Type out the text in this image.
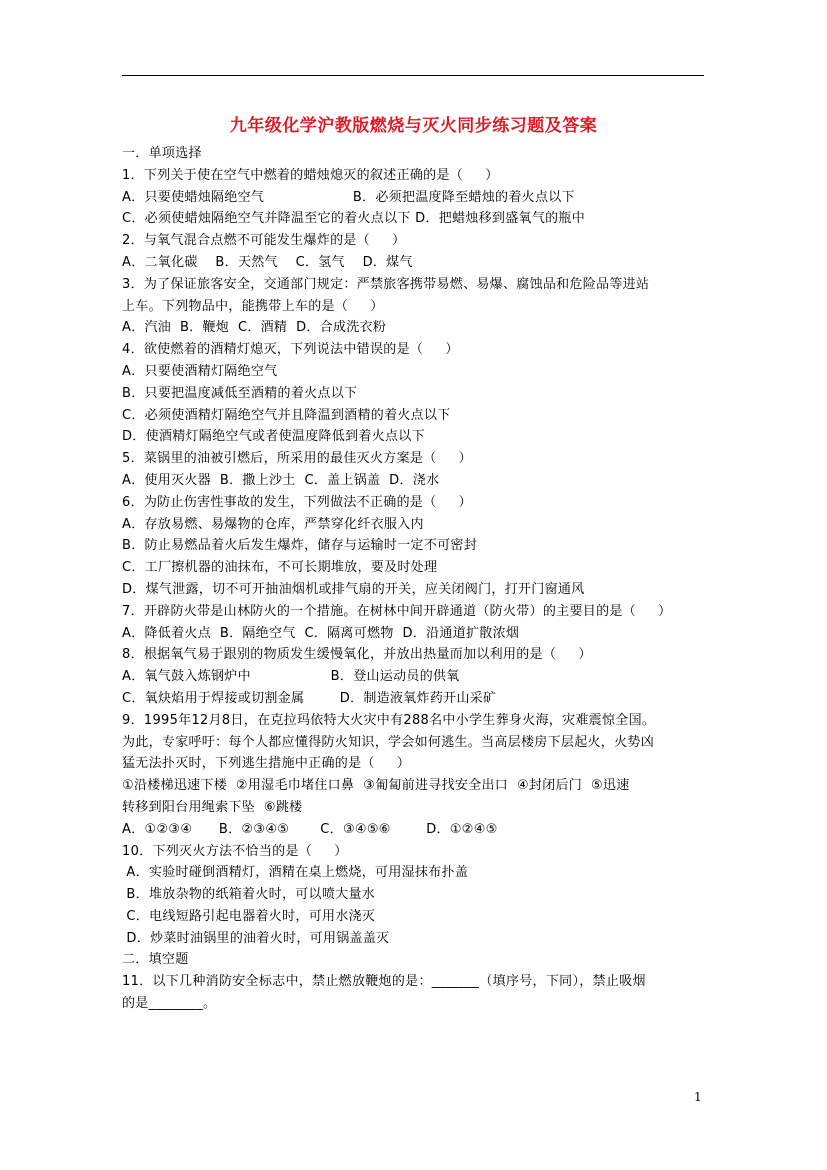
九年级化学沪教版燃烧与灭火同步练习题及答案
一．单项选择
1．下列关于使在空气中燃着的蜡烛熄灭的叙述正确的是（     ）
A．只要使蜡烛隔绝空气                    B．必须把温度降至蜡烛的着火点以下
C．必须使蜡烛隔绝空气并降温至它的着火点以下 D．把蜡烛移到盛氧气的瓶中
2．与氧气混合点燃不可能发生爆炸的是（     ）
A．二氧化碳    B．天然气    C．氢气    D．煤气
3．为了保证旅客安全，交通部门规定：严禁旅客携带易燃、易爆、腐蚀品和危险品等进站
上车。下列物品中，能携带上车的是（     ）
A．汽油  B．鞭炮  C．酒精  D．合成洗衣粉
4．欲使燃着的酒精灯熄灭，下列说法中错误的是（     ）
A．只要使酒精灯隔绝空气
B．只要把温度减低至酒精的着火点以下
C．必须使酒精灯隔绝空气并且降温到酒精的着火点以下
D．使酒精灯隔绝空气或者使温度降低到着火点以下
5．菜锅里的油被引燃后，所采用的最佳灭火方案是（     ）
A．使用灭火器  B．撒上沙土  C．盖上锅盖  D．浇水
6．为防止伤害性事故的发生，下列做法不正确的是（     ）
A．存放易燃、易爆物的仓库，严禁穿化纤衣服入内
B．防止易燃品着火后发生爆炸，储存与运输时一定不可密封
C．工厂擦机器的油抹布，不可长期堆放，要及时处理
D．煤气泄露，切不可开抽油烟机或排气扇的开关，应关闭阀门，打开门窗通风
7．开辟防火带是山林防火的一个措施。在树林中间开辟通道（防火带）的主要目的是（     ）
A．降低着火点  B．隔绝空气  C．隔离可燃物  D．沿通道扩散浓烟
8．根据氧气易于跟别的物质发生缓慢氧化，并放出热量而加以利用的是（     ）
A．氧气鼓入炼钢炉中                  B．登山运动员的供氧
C．氧炔焰用于焊接或切割金属        D．制造液氧炸药开山采矿
9．1995年12月8日，在克拉玛依特大火灾中有288名中小学生葬身火海，灾难震惊全国。
为此，专家呼吁：每个人都应懂得防火知识，学会如何逃生。当高层楼房下层起火，火势凶
猛无法扑灭时，下列逃生措施中正确的是（     ）
①沿楼梯迅速下楼  ②用湿毛巾堵住口鼻  ③匍匐前进寻找安全出口  ④封闭后门  ⑤迅速
转移到阳台用绳索下坠  ⑥跳楼
A．①②③④      B．②③④⑤       C．③④⑤⑥        D．①②④⑤
10．下列灭火方法不恰当的是（     ）
A．实验时碰倒酒精灯，酒精在桌上燃烧，可用湿抹布扑盖
B．堆放杂物的纸箱着火时，可以喷大量水
C．电线短路引起电器着火时，可用水浇灭
D．炒菜时油锅里的油着火时，可用锅盖盖灭
二．填空题
11．以下几种消防安全标志中，禁止燃放鞭炮的是：_______（填序号，下同），禁止吸烟
的是________。
1
